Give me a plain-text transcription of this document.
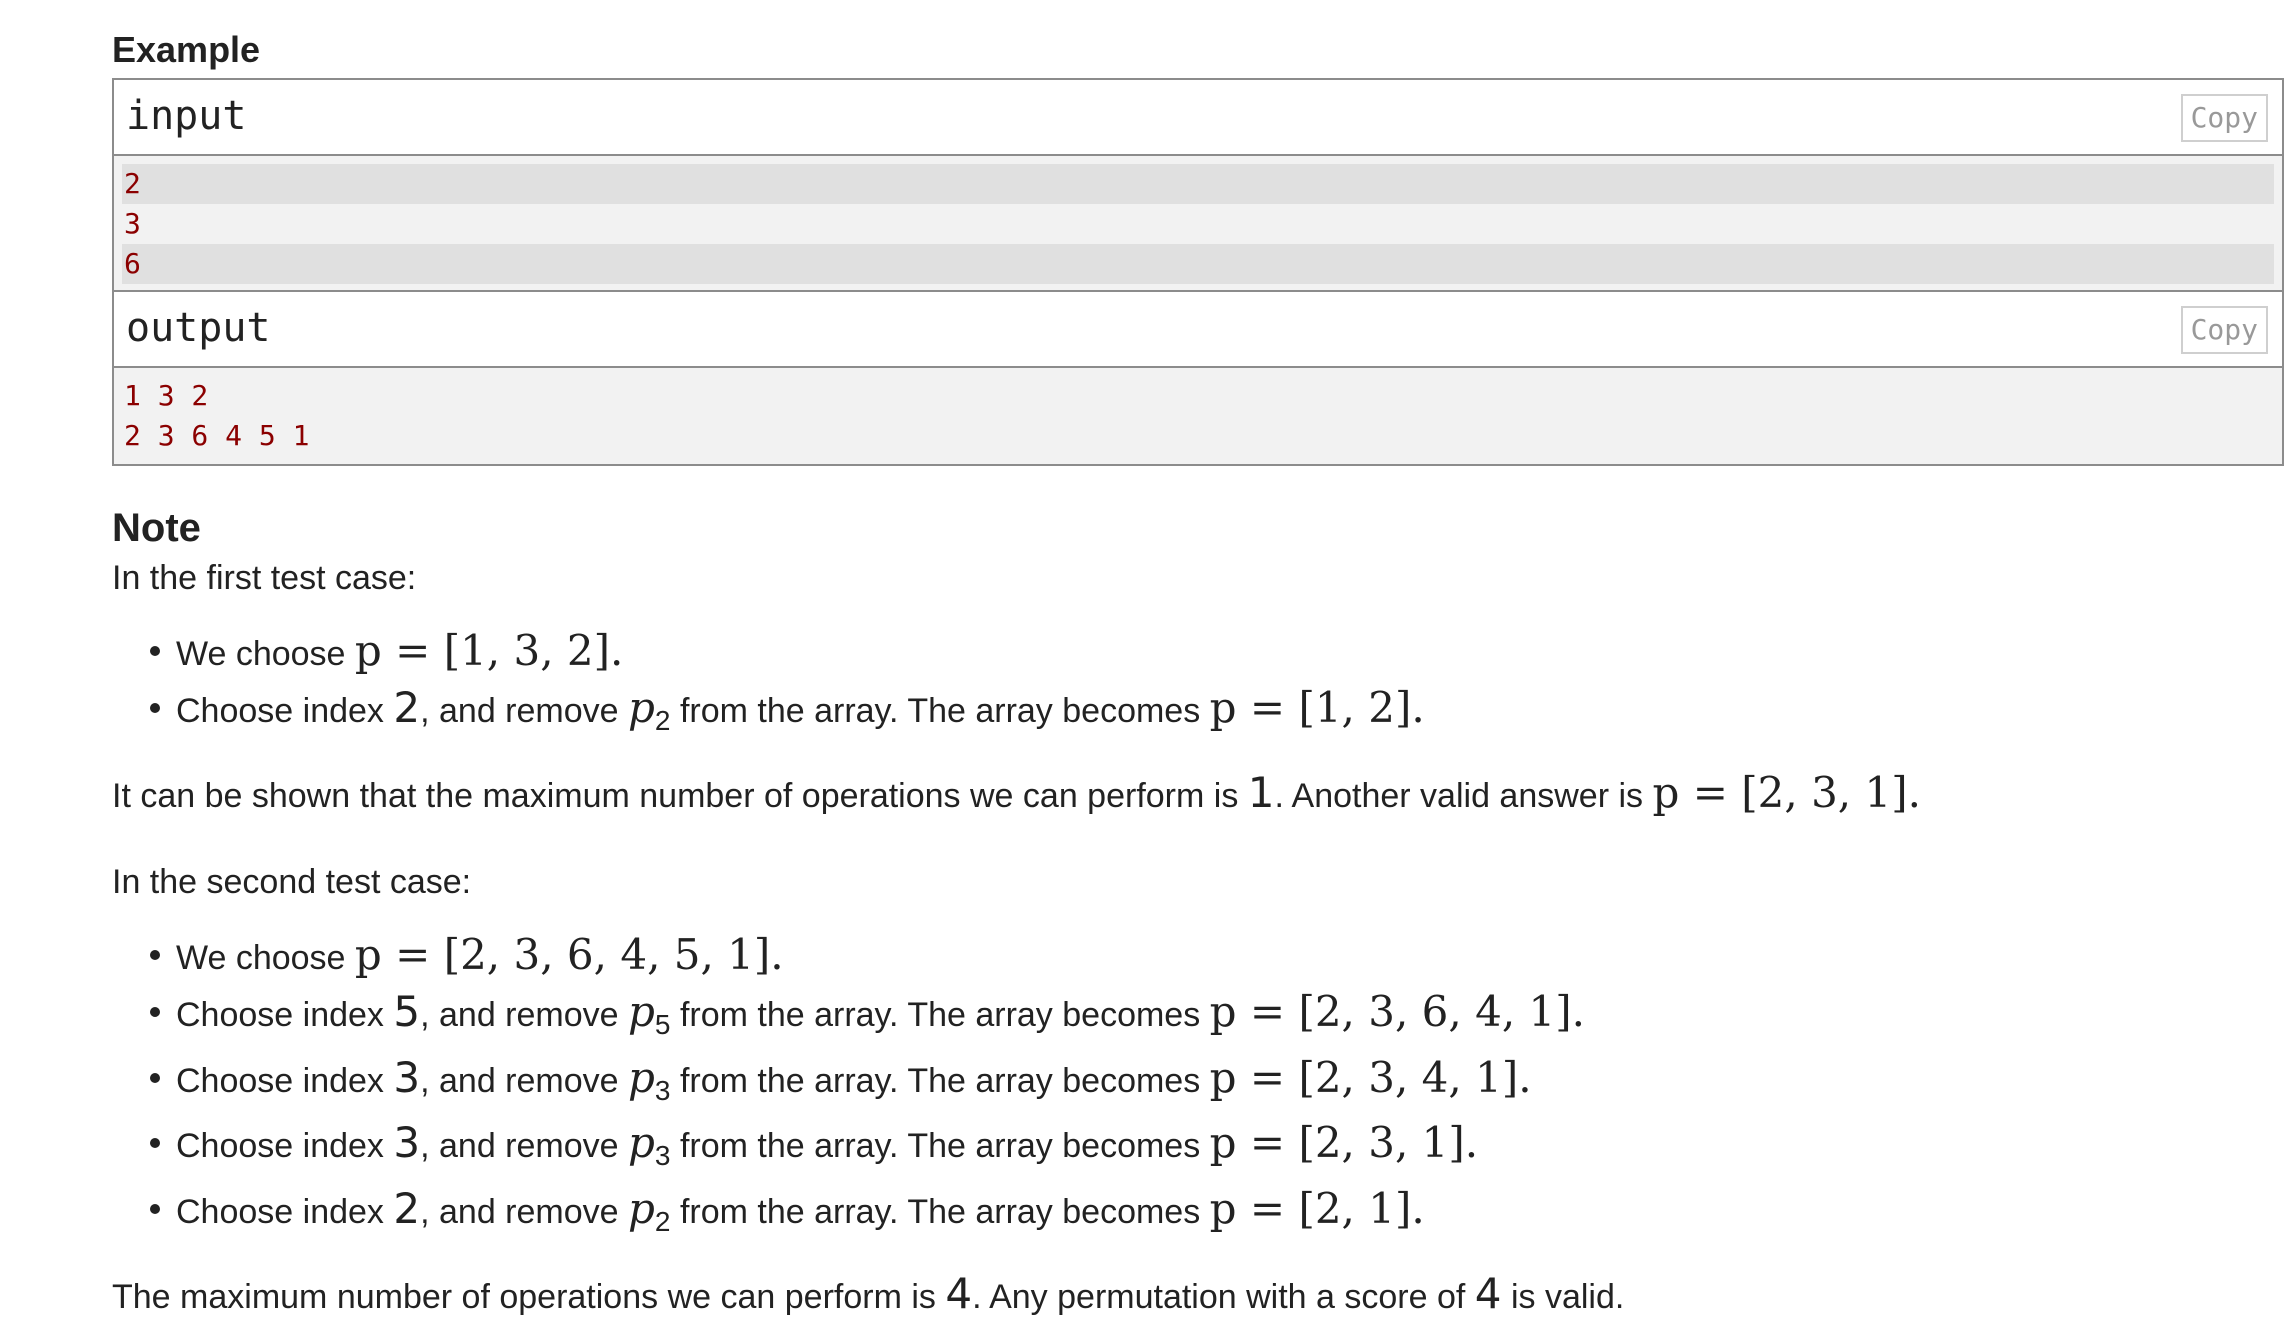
Example
input	Copy
2
3
6
output	Copy
1 3 2
2 3 6 4 5 1
Note

In the first test case:

We choose p = [1, 3, 2].
Choose index 2, and remove $p_2$ from the array. The array becomes p = [1, 2].

It can be shown that the maximum number of operations we can perform is 1. Another valid answer is p = [2, 3, 1].

In the second test case:

We choose p = [2, 3, 6, 4, 5, 1].
Choose index 5, and remove $p_5$ from the array. The array becomes p = [2, 3, 6, 4, 1].
Choose index 3, and remove $p_3$ from the array. The array becomes p = [2, 3, 4, 1].
Choose index 3, and remove $p_3$ from the array. The array becomes p = [2, 3, 1].
Choose index 2, and remove $p_2$ from the array. The array becomes p = [2, 1].

The maximum number of operations we can perform is 4. Any permutation with a score of 4 is valid.
